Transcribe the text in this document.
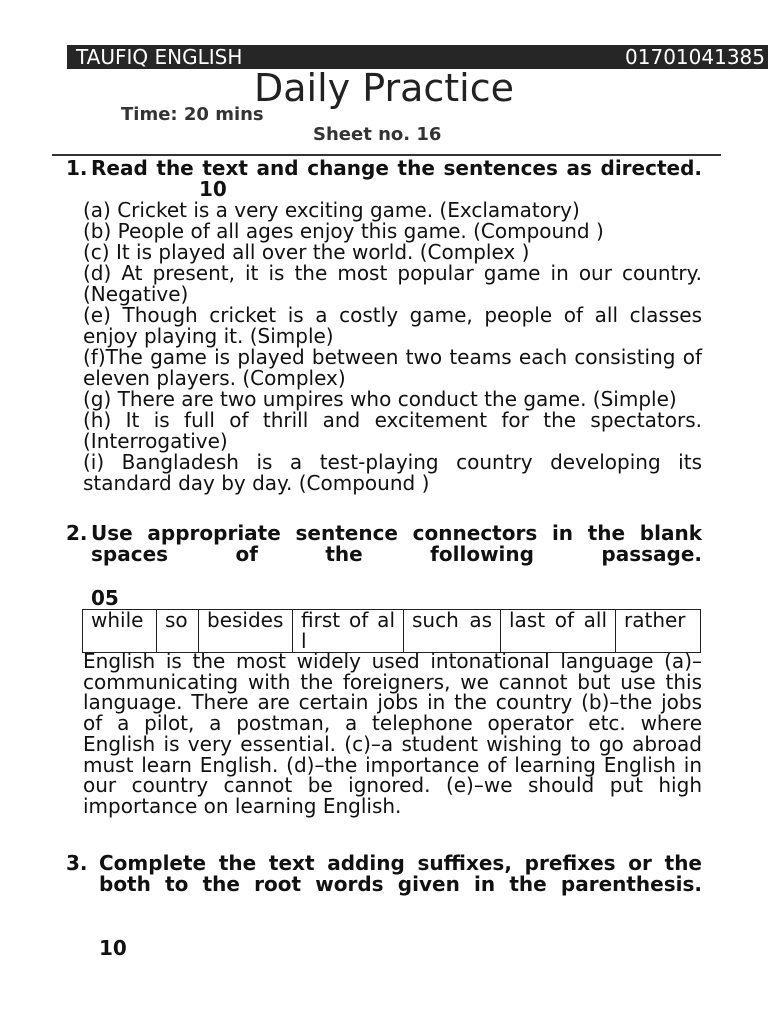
TAUFIQ ENGLISH	01701041385
Daily Practice
Time: 20 mins
Sheet no. 16
1. Read the text and change the sentences as directed.10
(a) Cricket is a very exciting game. (Exclamatory)
(b) People of all ages enjoy this game. (Compound )
(c) It is played all over the world. (Complex )
(d) At present, it is the most popular game in our country. (Negative)
(e) Though cricket is a costly game, people of all classes enjoy playing it. (Simple)
(f)The game is played between two teams each consisting of eleven players. (Complex)
(g) There are two umpires who conduct the game. (Simple)
(h) It is full of thrill and excitement for the spectators. (Interrogative)
(i) Bangladesh is a test-playing country developing its standard day by day. (Compound )
2. Use appropriate sentence connectors in the blank spaces of the following passage.
05
while	so	besides	first of all	such as	last of all	rather
English is the most widely used intonational language (a)–communicating with the foreigners, we cannot but use this language. There are certain jobs in the country (b)–the jobs of a pilot, a postman, a telephone operator etc. where English is very essential. (c)–a student wishing to go abroad must learn English. (d)–the importance of learning English in our country cannot be ignored. (e)–we should put high importance on learning English.
3. Complete the text adding suffixes, prefixes or the both to the root words given in the parenthesis.
10
